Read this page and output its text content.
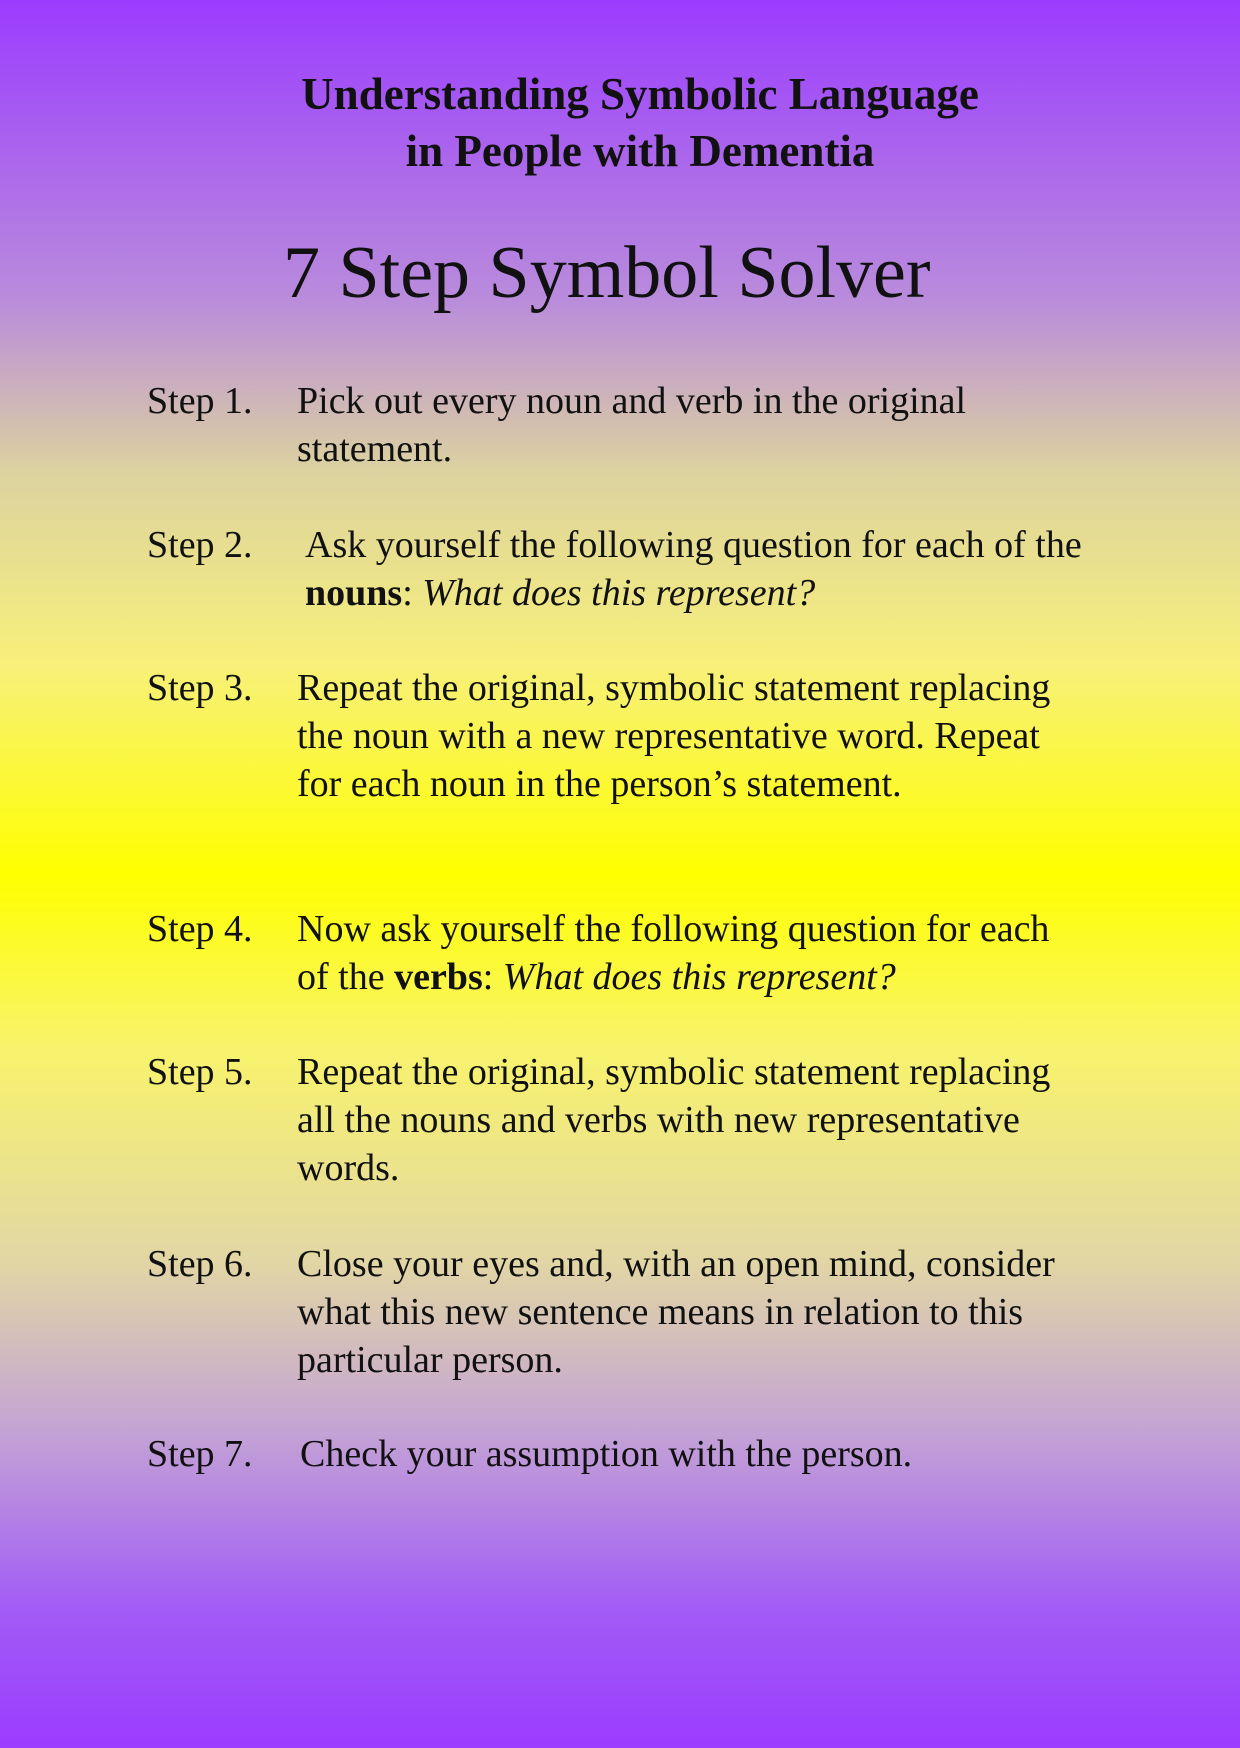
Understanding Symbolic Language
in People with Dementia
7 Step Symbol Solver
Step 1. Pick out every noun and verb in the original statement.
Step 2. Ask yourself the following question for each of the nouns: What does this represent?
Step 3. Repeat the original, symbolic statement replacing the noun with a new representative word. Repeat for each noun in the person’s statement.
Step 4. Now ask yourself the following question for each of the verbs: What does this represent?
Step 5. Repeat the original, symbolic statement replacing all the nouns and verbs with new representative words.
Step 6. Close your eyes and, with an open mind, consider what this new sentence means in relation to this particular person.
Step 7. Check your assumption with the person.
